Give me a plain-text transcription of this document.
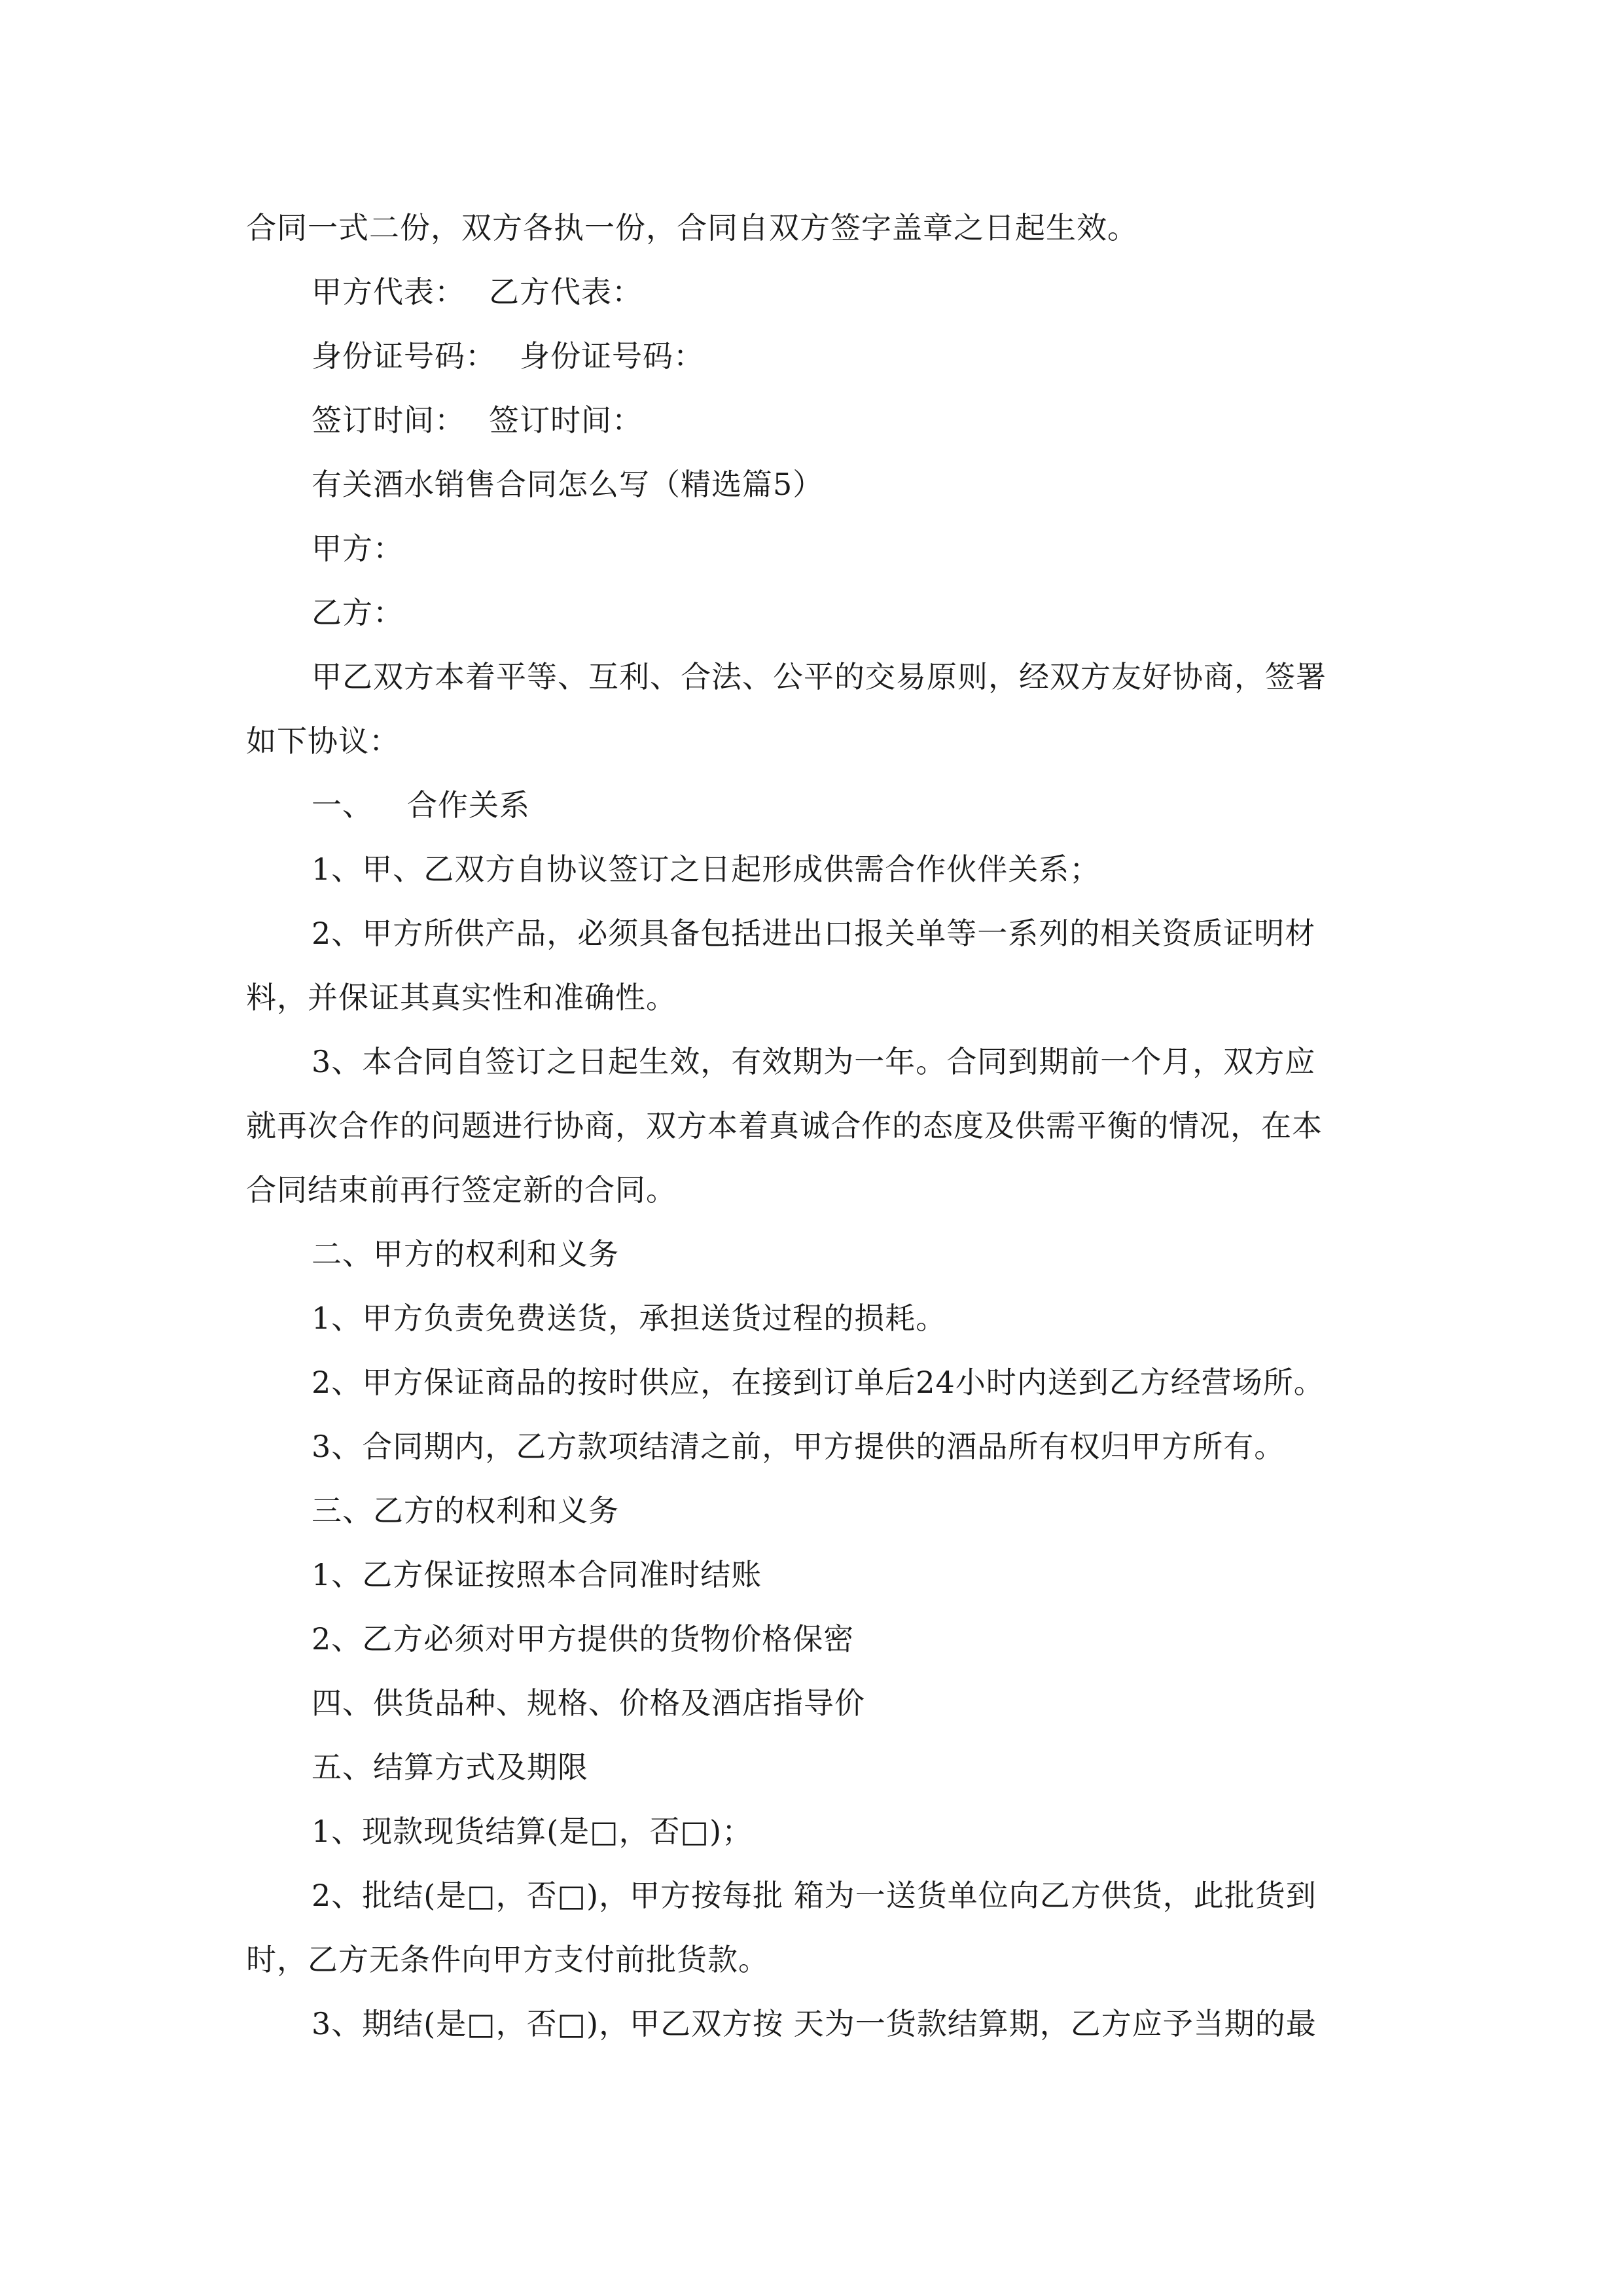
合同一式二份，双方各执一份，合同自双方签字盖章之日起生效。
甲方代表： 乙方代表：
身份证号码： 身份证号码：
签订时间： 签订时间：
有关酒水销售合同怎么写（精选篇5）
甲方：
乙方：
甲乙双方本着平等、互利、合法、公平的交易原则，经双方友好协商，签署
如下协议：
一、 合作关系
1、甲、乙双方自协议签订之日起形成供需合作伙伴关系；
2、甲方所供产品，必须具备包括进出口报关单等一系列的相关资质证明材
料，并保证其真实性和准确性。
3、本合同自签订之日起生效，有效期为一年。合同到期前一个月，双方应
就再次合作的问题进行协商，双方本着真诚合作的态度及供需平衡的情况，在本
合同结束前再行签定新的合同。
二、甲方的权利和义务
1、甲方负责免费送货，承担送货过程的损耗。
2、甲方保证商品的按时供应，在接到订单后24小时内送到乙方经营场所。
3、合同期内，乙方款项结清之前，甲方提供的酒品所有权归甲方所有。
三、乙方的权利和义务
1、乙方保证按照本合同准时结账
2、乙方必须对甲方提供的货物价格保密
四、供货品种、规格、价格及酒店指导价
五、结算方式及期限
1、现款现货结算(是□，否□)；
2、批结(是□，否□)，甲方按每批 箱为一送货单位向乙方供货，此批货到
时，乙方无条件向甲方支付前批货款。
3、期结(是□，否□)，甲乙双方按 天为一货款结算期，乙方应予当期的最
